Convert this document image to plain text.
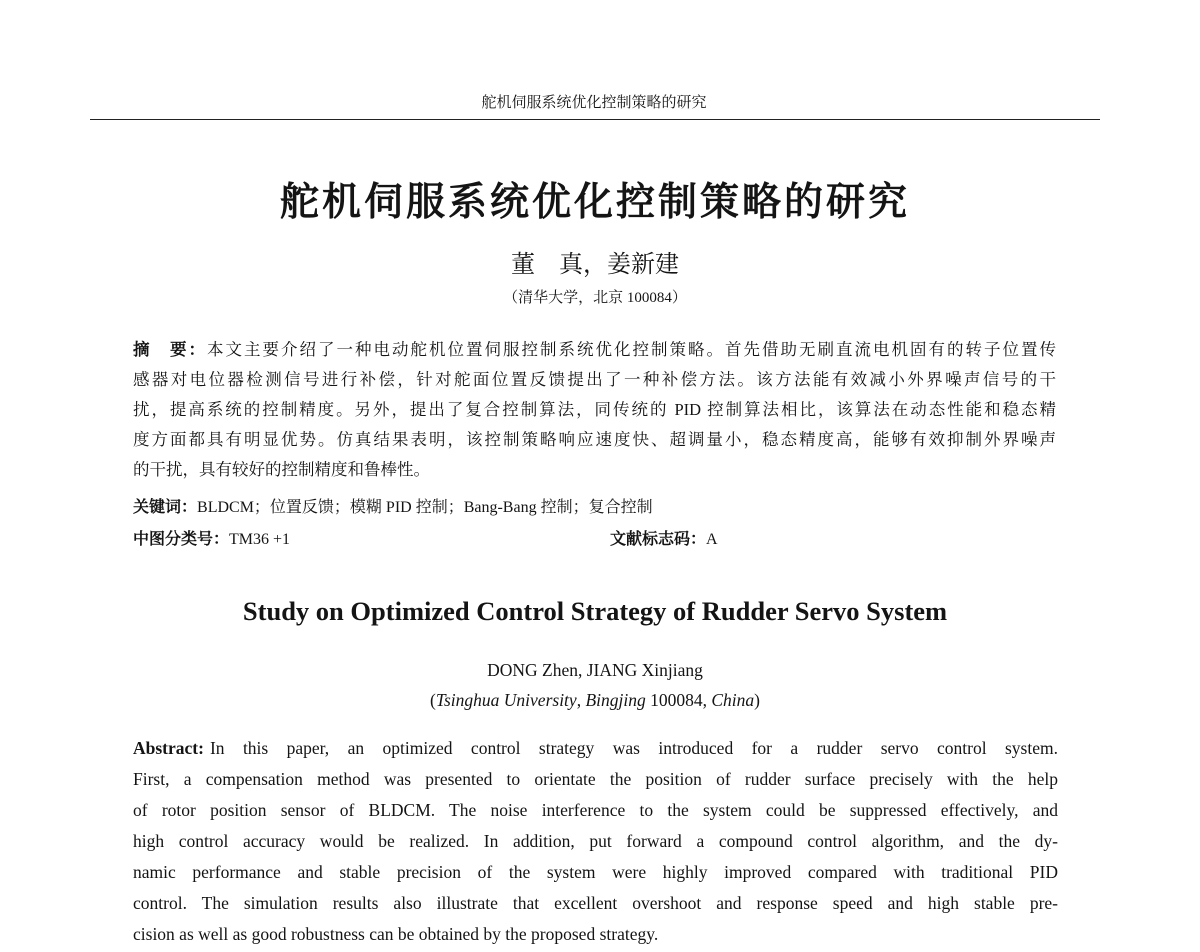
舵机伺服系统优化控制策略的研究
舵机伺服系统优化控制策略的研究
董　真，姜新建
（清华大学，北京 100084）
摘　要：本文主要介绍了一种电动舵机位置伺服控制系统优化控制策略。首先借助无刷直流电机固有的转子位置传
感器对电位器检测信号进行补偿，针对舵面位置反馈提出了一种补偿方法。该方法能有效减小外界噪声信号的干
扰，提高系统的控制精度。另外，提出了复合控制算法，同传统的 PID 控制算法相比，该算法在动态性能和稳态精
度方面都具有明显优势。仿真结果表明，该控制策略响应速度快、超调量小，稳态精度高，能够有效抑制外界噪声
的干扰，具有较好的控制精度和鲁棒性。
关键词：BLDCM；位置反馈；模糊 PID 控制；Bang-Bang 控制；复合控制
中图分类号：TM36 +1	文献标志码：A
Study on Optimized Control Strategy of Rudder Servo System
DONG Zhen, JIANG Xinjiang
(Tsinghua University, Bingjing 100084, China)
Abstract: In this paper, an optimized control strategy was introduced for a rudder servo control system.
First, a compensation method was presented to orientate the position of rudder surface precisely with the help
of rotor position sensor of BLDCM. The noise interference to the system could be suppressed effectively, and
high control accuracy would be realized. In addition, put forward a compound control algorithm, and the dy-
namic performance and stable precision of the system were highly improved compared with traditional PID
control. The simulation results also illustrate that excellent overshoot and response speed and high stable pre-
cision as well as good robustness can be obtained by the proposed strategy.
